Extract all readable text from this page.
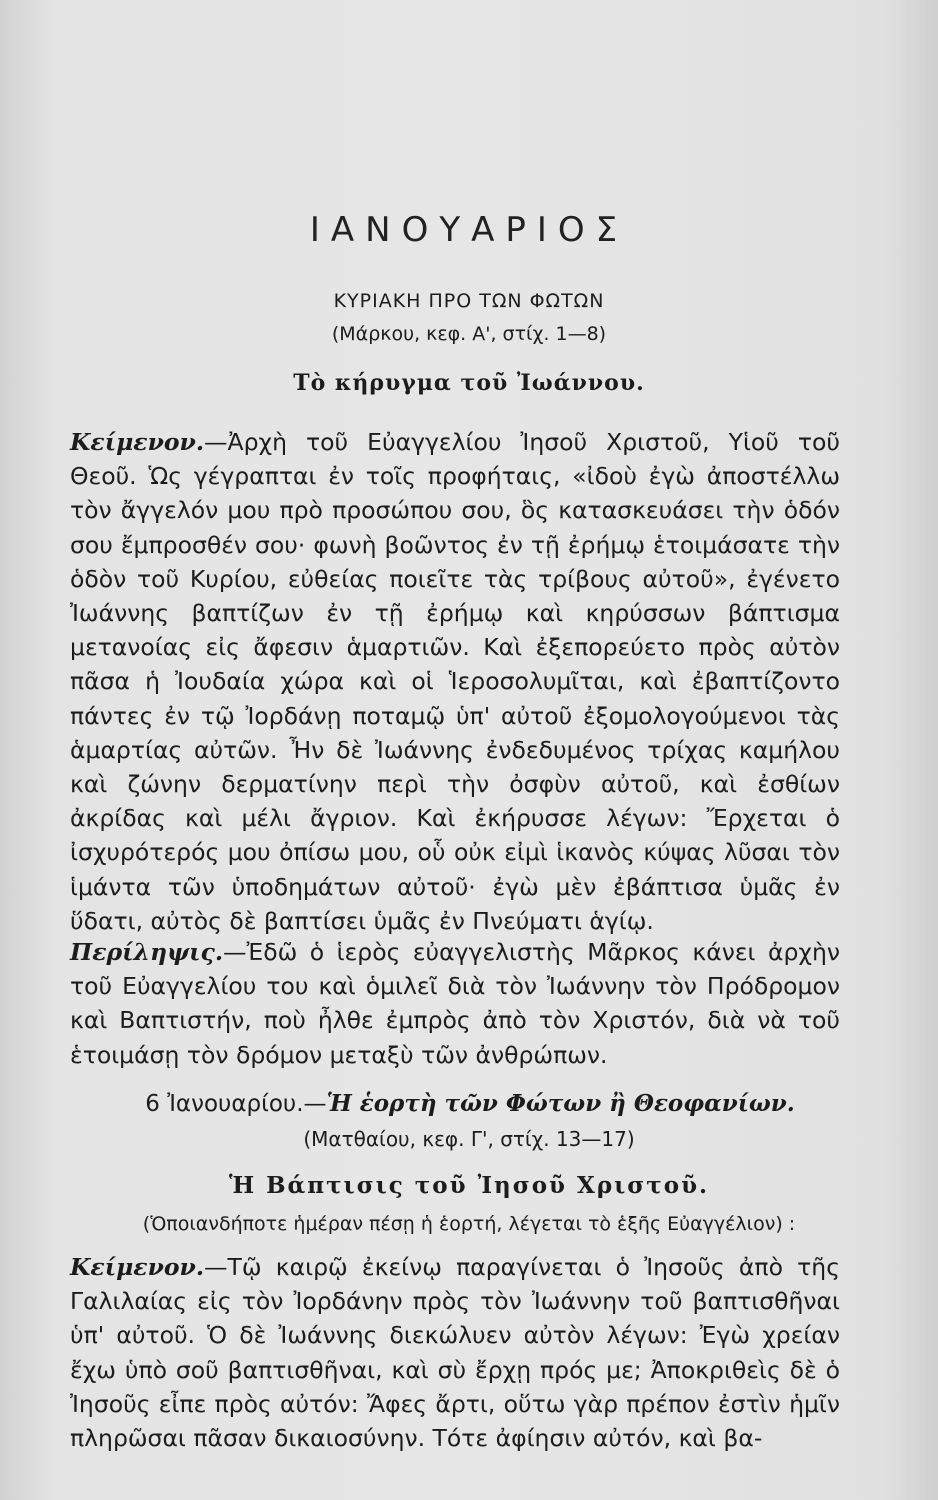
ΙΑΝΟΥΑΡΙΟΣ
ΚΥΡΙΑΚΗ ΠΡΟ ΤΩΝ ΦΩΤΩΝ
(Μάρκου, κεφ. Α', στίχ. 1—8)
Τὸ κήρυγμα τοῦ Ἰωάννου.
Κείμενον.—Ἀρχὴ τοῦ Εὐαγγελίου Ἰησοῦ Χριστοῦ, Υἱοῦ τοῦ Θεοῦ. Ὡς γέγραπται ἐν τοῖς προφήταις, «ἰδοὺ ἐγὼ ἀποστέλλω τὸν ἄγγελόν μου πρὸ προσώπου σου, ὃς κατασκευάσει τὴν ὁδόν σου ἔμπροσθέν σου· φωνὴ βοῶντος ἐν τῇ ἐρήμῳ ἑτοιμάσατε τὴν ὁδὸν τοῦ Κυρίου, εὐθείας ποιεῖτε τὰς τρίβους αὐτοῦ», ἐγένετο Ἰωάννης βαπτίζων ἐν τῇ ἐρήμῳ καὶ κηρύσσων βάπτισμα μετανοίας εἰς ἄφεσιν ἁμαρτιῶν. Καὶ ἐξεπορεύετο πρὸς αὐτὸν πᾶσα ἡ Ἰουδαία χώρα καὶ οἱ Ἱεροσολυμῖται, καὶ ἐβαπτίζοντο πάντες ἐν τῷ Ἰορδάνῃ ποταμῷ ὑπ' αὐτοῦ ἐξομολογούμενοι τὰς ἁμαρτίας αὐτῶν. Ἦν δὲ Ἰωάννης ἐνδεδυμένος τρίχας καμήλου καὶ ζώνην δερματίνην περὶ τὴν ὀσφὺν αὐτοῦ, καὶ ἐσθίων ἀκρίδας καὶ μέλι ἄγριον. Καὶ ἐκήρυσσε λέγων: Ἔρχεται ὁ ἰσχυρότερός μου ὀπίσω μου, οὗ οὐκ εἰμὶ ἱκανὸς κύψας λῦσαι τὸν ἱμάντα τῶν ὑποδημάτων αὐτοῦ· ἐγὼ μὲν ἐβάπτισα ὑμᾶς ἐν ὕδατι, αὐτὸς δὲ βαπτίσει ὑμᾶς ἐν Πνεύματι ἁγίῳ.
Περίληψις.—Ἐδῶ ὁ ἱερὸς εὐαγγελιστὴς Μᾶρκος κάνει ἀρχὴν τοῦ Εὐαγγελίου του καὶ ὁμιλεῖ διὰ τὸν Ἰωάννην τὸν Πρόδρομον καὶ Βαπτιστήν, ποὺ ἦλθε ἐμπρὸς ἀπὸ τὸν Χριστόν, διὰ νὰ τοῦ ἑτοιμάσῃ τὸν δρόμον μεταξὺ τῶν ἀνθρώπων.
6 Ἰανουαρίου.—Ἡ ἑορτὴ τῶν Φώτων ἢ Θεοφανίων.
(Ματθαίου, κεφ. Γ', στίχ. 13—17)
Ἡ Βάπτισις τοῦ Ἰησοῦ Χριστοῦ.
(Ὁποιανδήποτε ἡμέραν πέσῃ ἡ ἑορτή, λέγεται τὸ ἑξῆς Εὐαγγέλιον) :
Κείμενον.—Τῷ καιρῷ ἐκείνῳ παραγίνεται ὁ Ἰησοῦς ἀπὸ τῆς Γαλιλαίας εἰς τὸν Ἰορδάνην πρὸς τὸν Ἰωάννην τοῦ βαπτισθῆναι ὑπ' αὐτοῦ. Ὁ δὲ Ἰωάννης διεκώλυεν αὐτὸν λέγων: Ἐγὼ χρείαν ἔχω ὑπὸ σοῦ βαπτισθῆναι, καὶ σὺ ἔρχῃ πρός με; Ἀποκριθεὶς δὲ ὁ Ἰησοῦς εἶπε πρὸς αὐτόν: Ἄφες ἄρτι, οὕτω γὰρ πρέπον ἐστὶν ἡμῖν πληρῶσαι πᾶσαν δικαιοσύνην. Τότε ἀφίησιν αὐτόν, καὶ βα-
